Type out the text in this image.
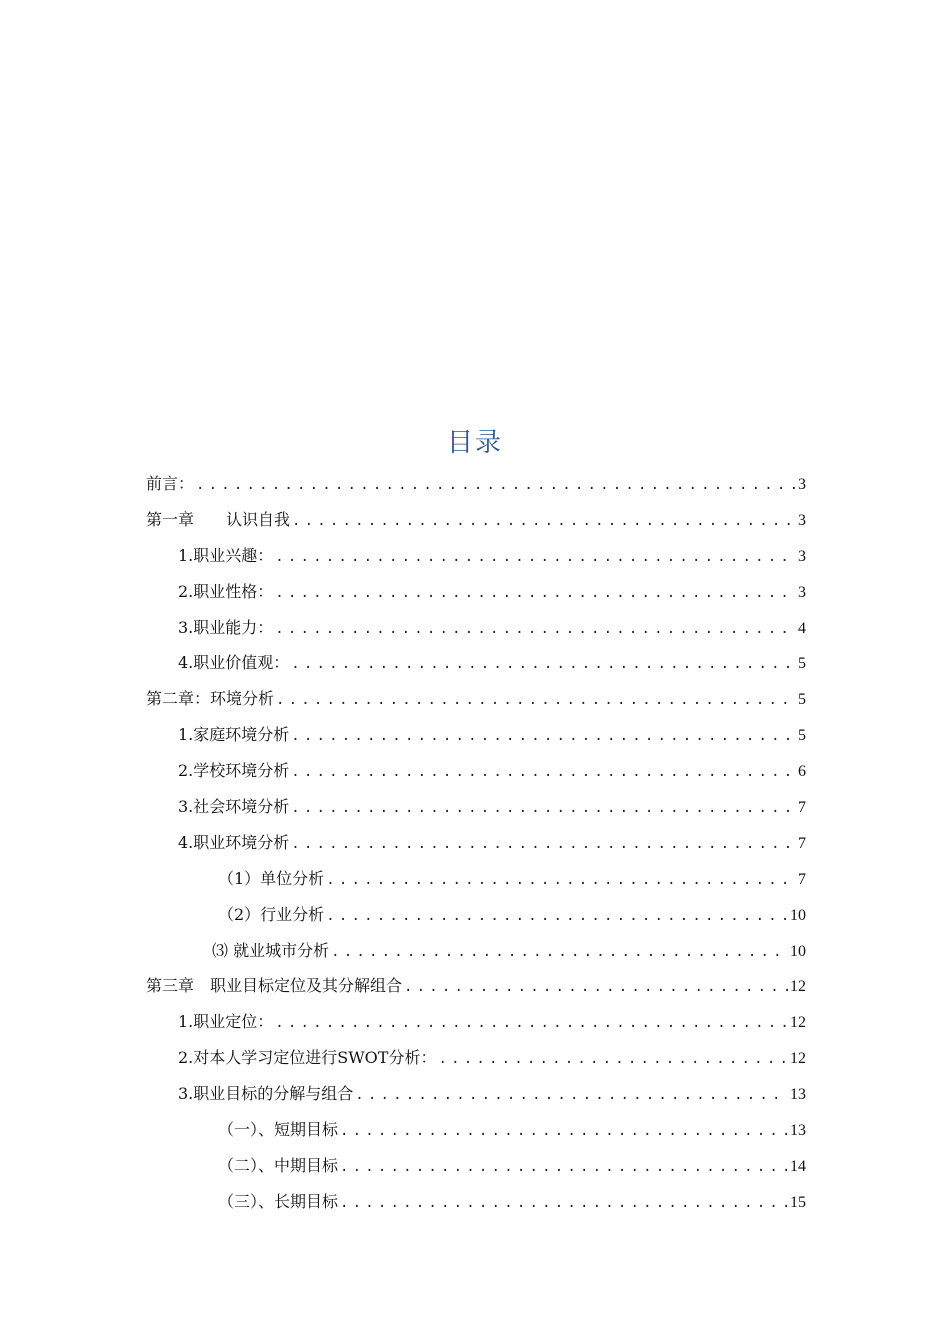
目录
前言： .....	3
第一章　　认识自我 .....	3
1.职业兴趣： .....	3
2.职业性格： .....	3
3.职业能力： .....	4
4.职业价值观： .....	5
第二章：环境分析 .....	5
1.家庭环境分析 .....	5
2.学校环境分析 .....	6
3.社会环境分析 .....	7
4.职业环境分析 .....	7
（1）单位分析 .....	7
（2）行业分析 .....	10
⑶ 就业城市分析 .....	10
第三章　职业目标定位及其分解组合 .....	12
1.职业定位： .....	12
2.对本人学习定位进行SWOT分析： .....	12
3.职业目标的分解与组合 .....	13
（一）、短期目标 .....	13
（二）、中期目标 .....	14
（三）、长期目标 .....	15
